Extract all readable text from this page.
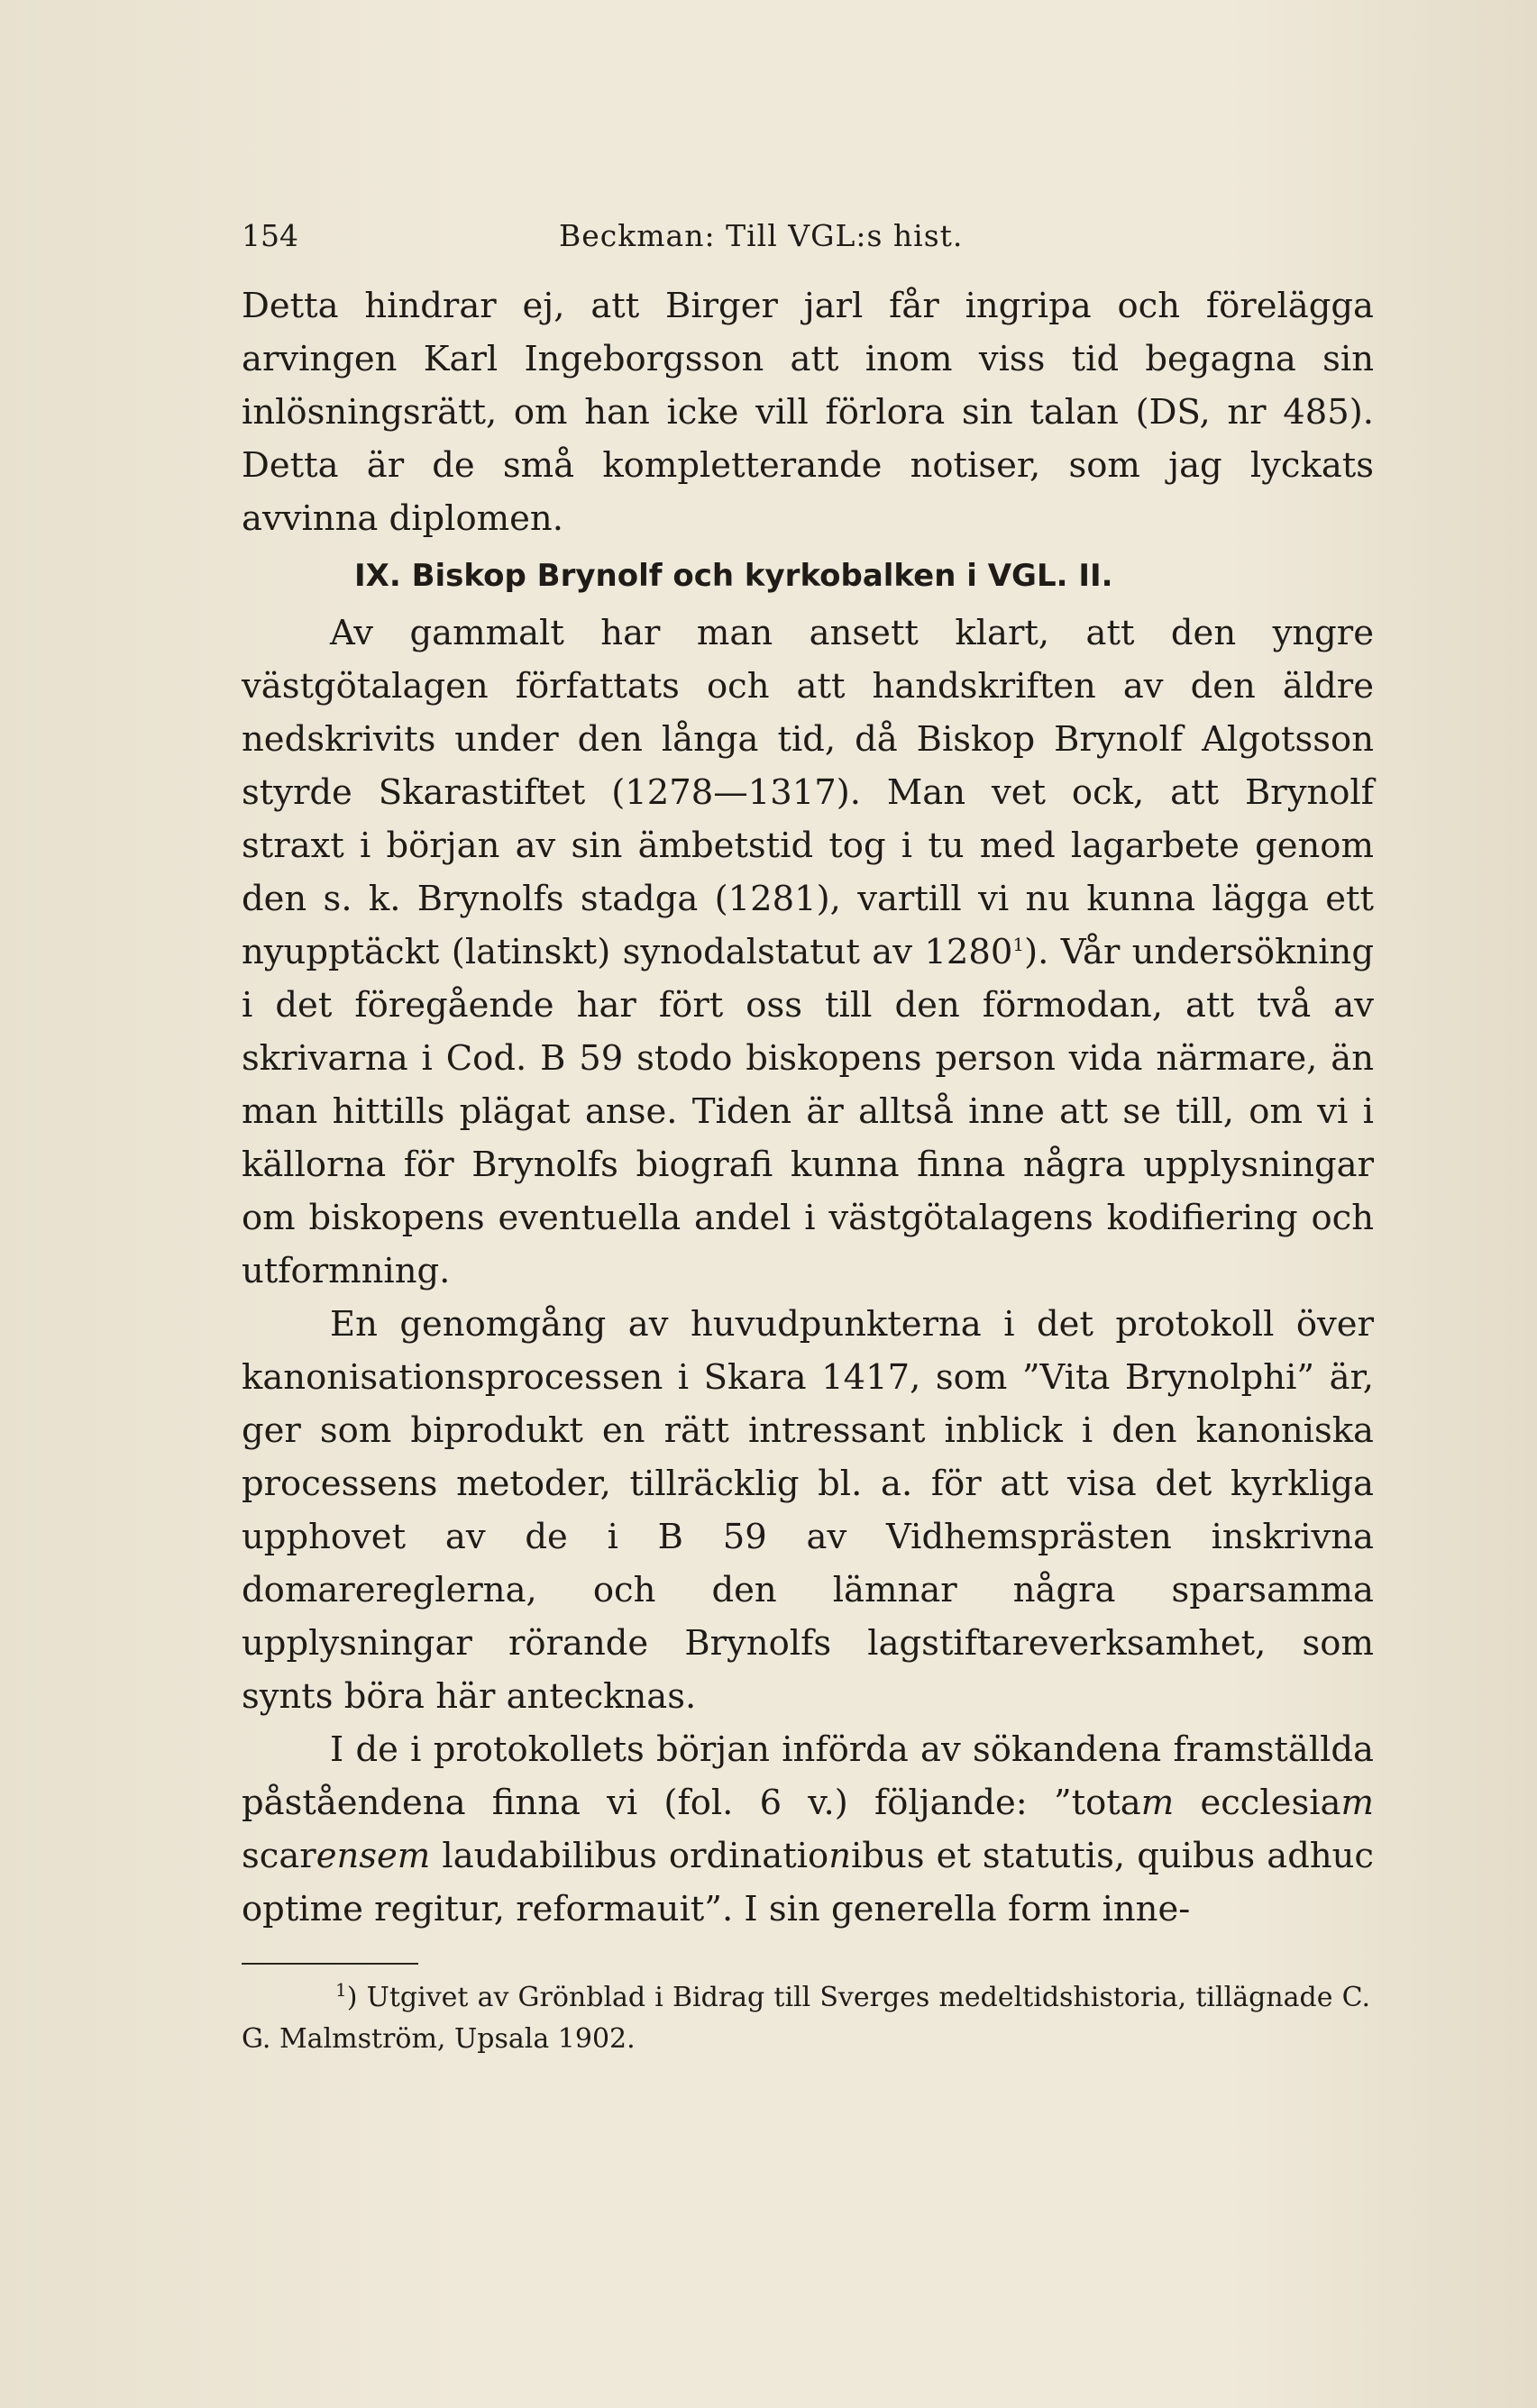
154	Beckman: Till VGL:s hist.

Detta hindrar ej, att Birger jarl får ingripa och förelägga arvingen Karl Ingeborgsson att inom viss tid begagna sin inlösningsrätt, om han icke vill förlora sin talan (DS, nr 485). Detta är de små kompletterande notiser, som jag lyckats avvinna diplomen.

IX. Biskop Brynolf och kyrkobalken i VGL. II.

Av gammalt har man ansett klart, att den yngre västgötalagen författats och att handskriften av den äldre nedskrivits under den långa tid, då Biskop Brynolf Algotsson styrde Skarastiftet (1278—1317). Man vet ock, att Brynolf straxt i början av sin ämbetstid tog i tu med lagarbete genom den s. k. Brynolfs stadga (1281), vartill vi nu kunna lägga ett nyupptäckt (latinskt) synodalstatut av 1280$^1$). Vår undersökning i det föregående har fört oss till den förmodan, att två av skrivarna i Cod. B 59 stodo biskopens person vida närmare, än man hittills plägat anse. Tiden är alltså inne att se till, om vi i källorna för Brynolfs biografi kunna finna några upplysningar om biskopens eventuella andel i västgötalagens kodifiering och utformning.

En genomgång av huvudpunkterna i det protokoll över kanonisationsprocessen i Skara 1417, som ”Vita Brynolphi” är, ger som biprodukt en rätt intressant inblick i den kanoniska processens metoder, tillräcklig bl. a. för att visa det kyrkliga upphovet av de i B 59 av Vidhemsprästen inskrivna domarereglerna, och den lämnar några sparsamma upplysningar rörande Brynolfs lagstiftareverksamhet, som synts böra här antecknas.

I de i protokollets början införda av sökandena framställda påståendena finna vi (fol. 6 v.) följande: ”totam ecclesiam scarensem laudabilibus ordinationibus et statutis, quibus adhuc optime regitur, reformauit”. I sin generella form inne-

$^1$) Utgivet av Grönblad i Bidrag till Sverges medeltidshistoria, tillägnade C. G. Malmström, Upsala 1902.
